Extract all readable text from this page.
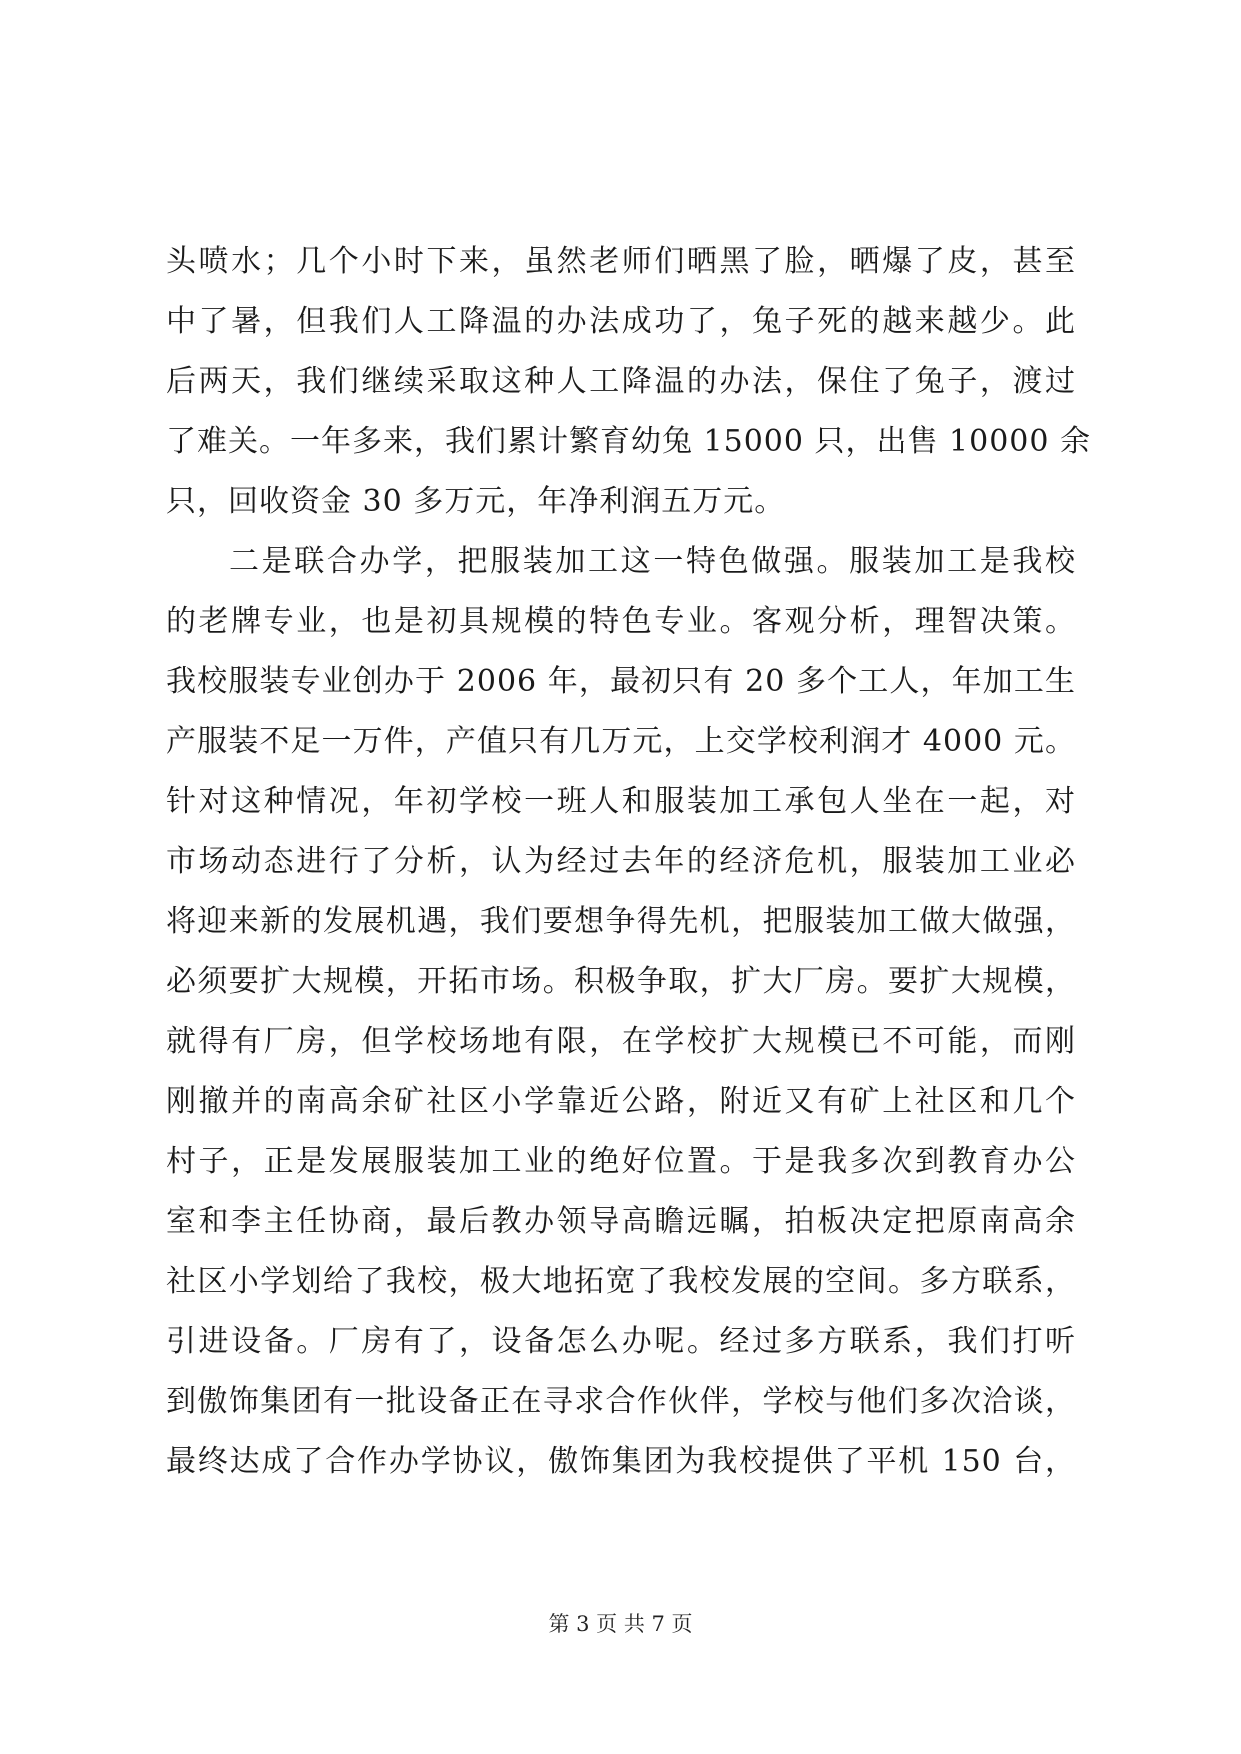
头喷水；几个小时下来，虽然老师们晒黑了脸，晒爆了皮，甚至
中了暑，但我们人工降温的办法成功了，兔子死的越来越少。此
后两天，我们继续采取这种人工降温的办法，保住了兔子，渡过
了难关。一年多来，我们累计繁育幼兔 15000 只，出售 10000 余
只，回收资金 30 多万元，年净利润五万元。
二是联合办学，把服装加工这一特色做强。服装加工是我校
的老牌专业，也是初具规模的特色专业。客观分析，理智决策。
我校服装专业创办于 2006 年，最初只有 20 多个工人，年加工生
产服装不足一万件，产值只有几万元，上交学校利润才 4000 元。
针对这种情况，年初学校一班人和服装加工承包人坐在一起，对
市场动态进行了分析，认为经过去年的经济危机，服装加工业必
将迎来新的发展机遇，我们要想争得先机，把服装加工做大做强，
必须要扩大规模，开拓市场。积极争取，扩大厂房。要扩大规模，
就得有厂房，但学校场地有限，在学校扩大规模已不可能，而刚
刚撤并的南高余矿社区小学靠近公路，附近又有矿上社区和几个
村子，正是发展服装加工业的绝好位置。于是我多次到教育办公
室和李主任协商，最后教办领导高瞻远瞩，拍板决定把原南高余
社区小学划给了我校，极大地拓宽了我校发展的空间。多方联系，
引进设备。厂房有了，设备怎么办呢。经过多方联系，我们打听
到傲饰集团有一批设备正在寻求合作伙伴，学校与他们多次洽谈，
最终达成了合作办学协议，傲饰集团为我校提供了平机 150 台，
第 3 页 共 7 页
